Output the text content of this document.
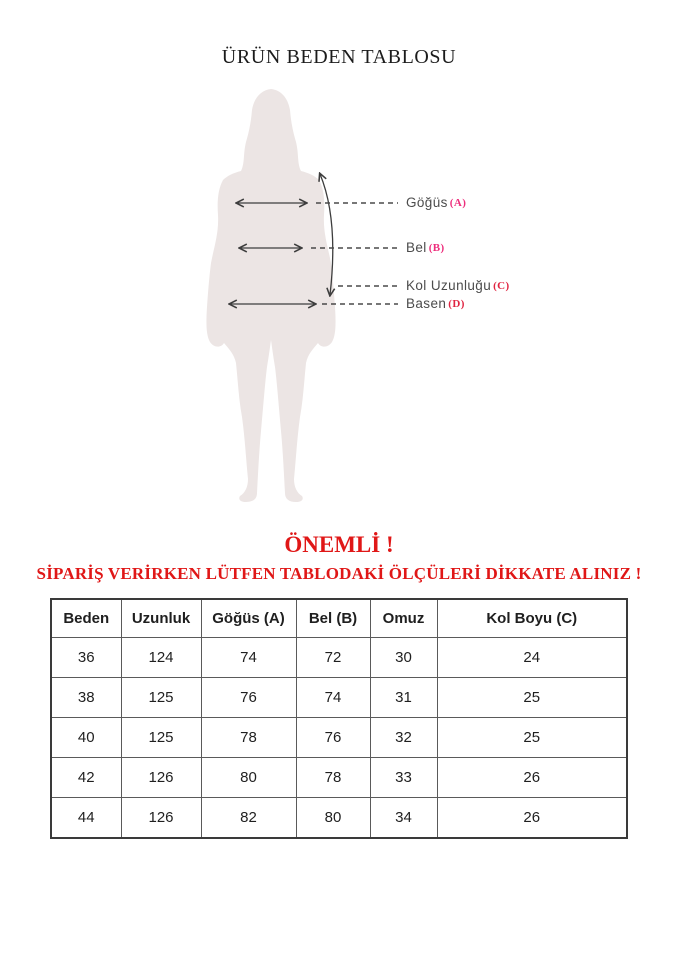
ÜRÜN BEDEN TABLOSU
Göğüs (A)
Bel (B)
Kol Uzunluğu (C)
Basen (D)
ÖNEMLİ !
SİPARİŞ VERİRKEN LÜTFEN TABLODAKİ ÖLÇÜLERİ DİKKATE ALINIZ !
Beden	Uzunluk	Göğüs (A)	Bel (B)	Omuz	Kol Boyu (C)
36	124	74	72	30	24
38	125	76	74	31	25
40	125	78	76	32	25
42	126	80	78	33	26
44	126	82	80	34	26
